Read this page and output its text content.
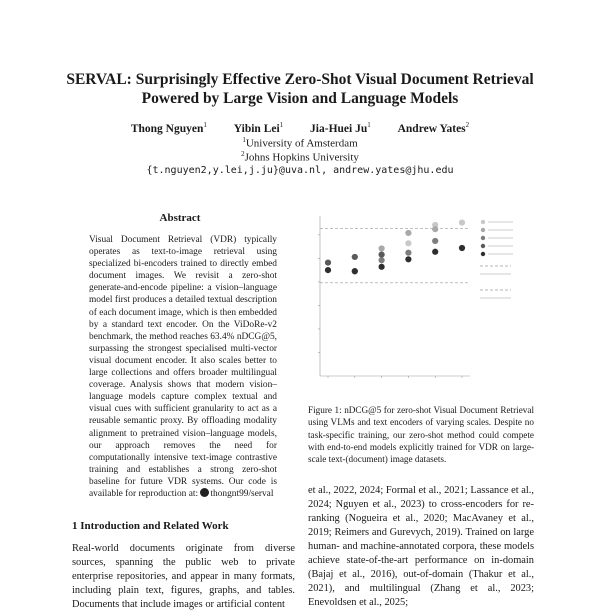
SERVAL: Surprisingly Effective Zero-Shot Visual Document Retrieval
Powered by Large Vision and Language Models
Thong Nguyen$^1$ Yibin Lei$^1$ Jia-Huei Ju$^1$ Andrew Yates$^2$
$^1$University of Amsterdam
$^2$Johns Hopkins University
{t.nguyen2,y.lei,j.ju}@uva.nl, andrew.yates@jhu.edu
Abstract
Visual Document Retrieval (VDR) typically operates as text-to-image retrieval using specialized bi-encoders trained to directly embed document images. We revisit a zero-shot generate-and-encode pipeline: a vision–language model first produces a detailed textual description of each document image, which is then embedded by a standard text encoder. On the ViDoRe-v2 benchmark, the method reaches 63.4% nDCG@5, surpassing the strongest specialised multi-vector visual document encoder. It also scales better to large collections and offers broader multilingual coverage. Analysis shows that modern vision–language models capture complex textual and visual cues with sufficient granularity to act as a reusable semantic proxy. By offloading modality alignment to pretrained vision–language models, our approach removes the need for computationally intensive text-image contrastive training and establishes a strong zero-shot baseline for future VDR systems. Our code is available for reproduction at: thongnt99/serval
1 Introduction and Related Work
Real-world documents originate from diverse sources, spanning the public web to private enterprise repositories, and appear in many formats, including plain text, figures, graphs, and tables. Documents that include images or artificial content
Figure 1: nDCG@5 for zero-shot Visual Document Retrieval using VLMs and text encoders of varying scales. Despite no task-specific training, our zero-shot method could compete with end-to-end models explicitly trained for VDR on large-scale text-(document) image datasets.
et al., 2022, 2024; Formal et al., 2021; Lassance et al., 2024; Nguyen et al., 2023) to cross-encoders for re-ranking (Nogueira et al., 2020; MacAvaney et al., 2019; Reimers and Gurevych, 2019). Trained on large human- and machine-annotated corpora, these models achieve state-of-the-art performance on in-domain (Bajaj et al., 2016), out-of-domain (Thakur et al., 2021), and multilingual (Zhang et al., 2023; Enevoldsen et al., 2025;
